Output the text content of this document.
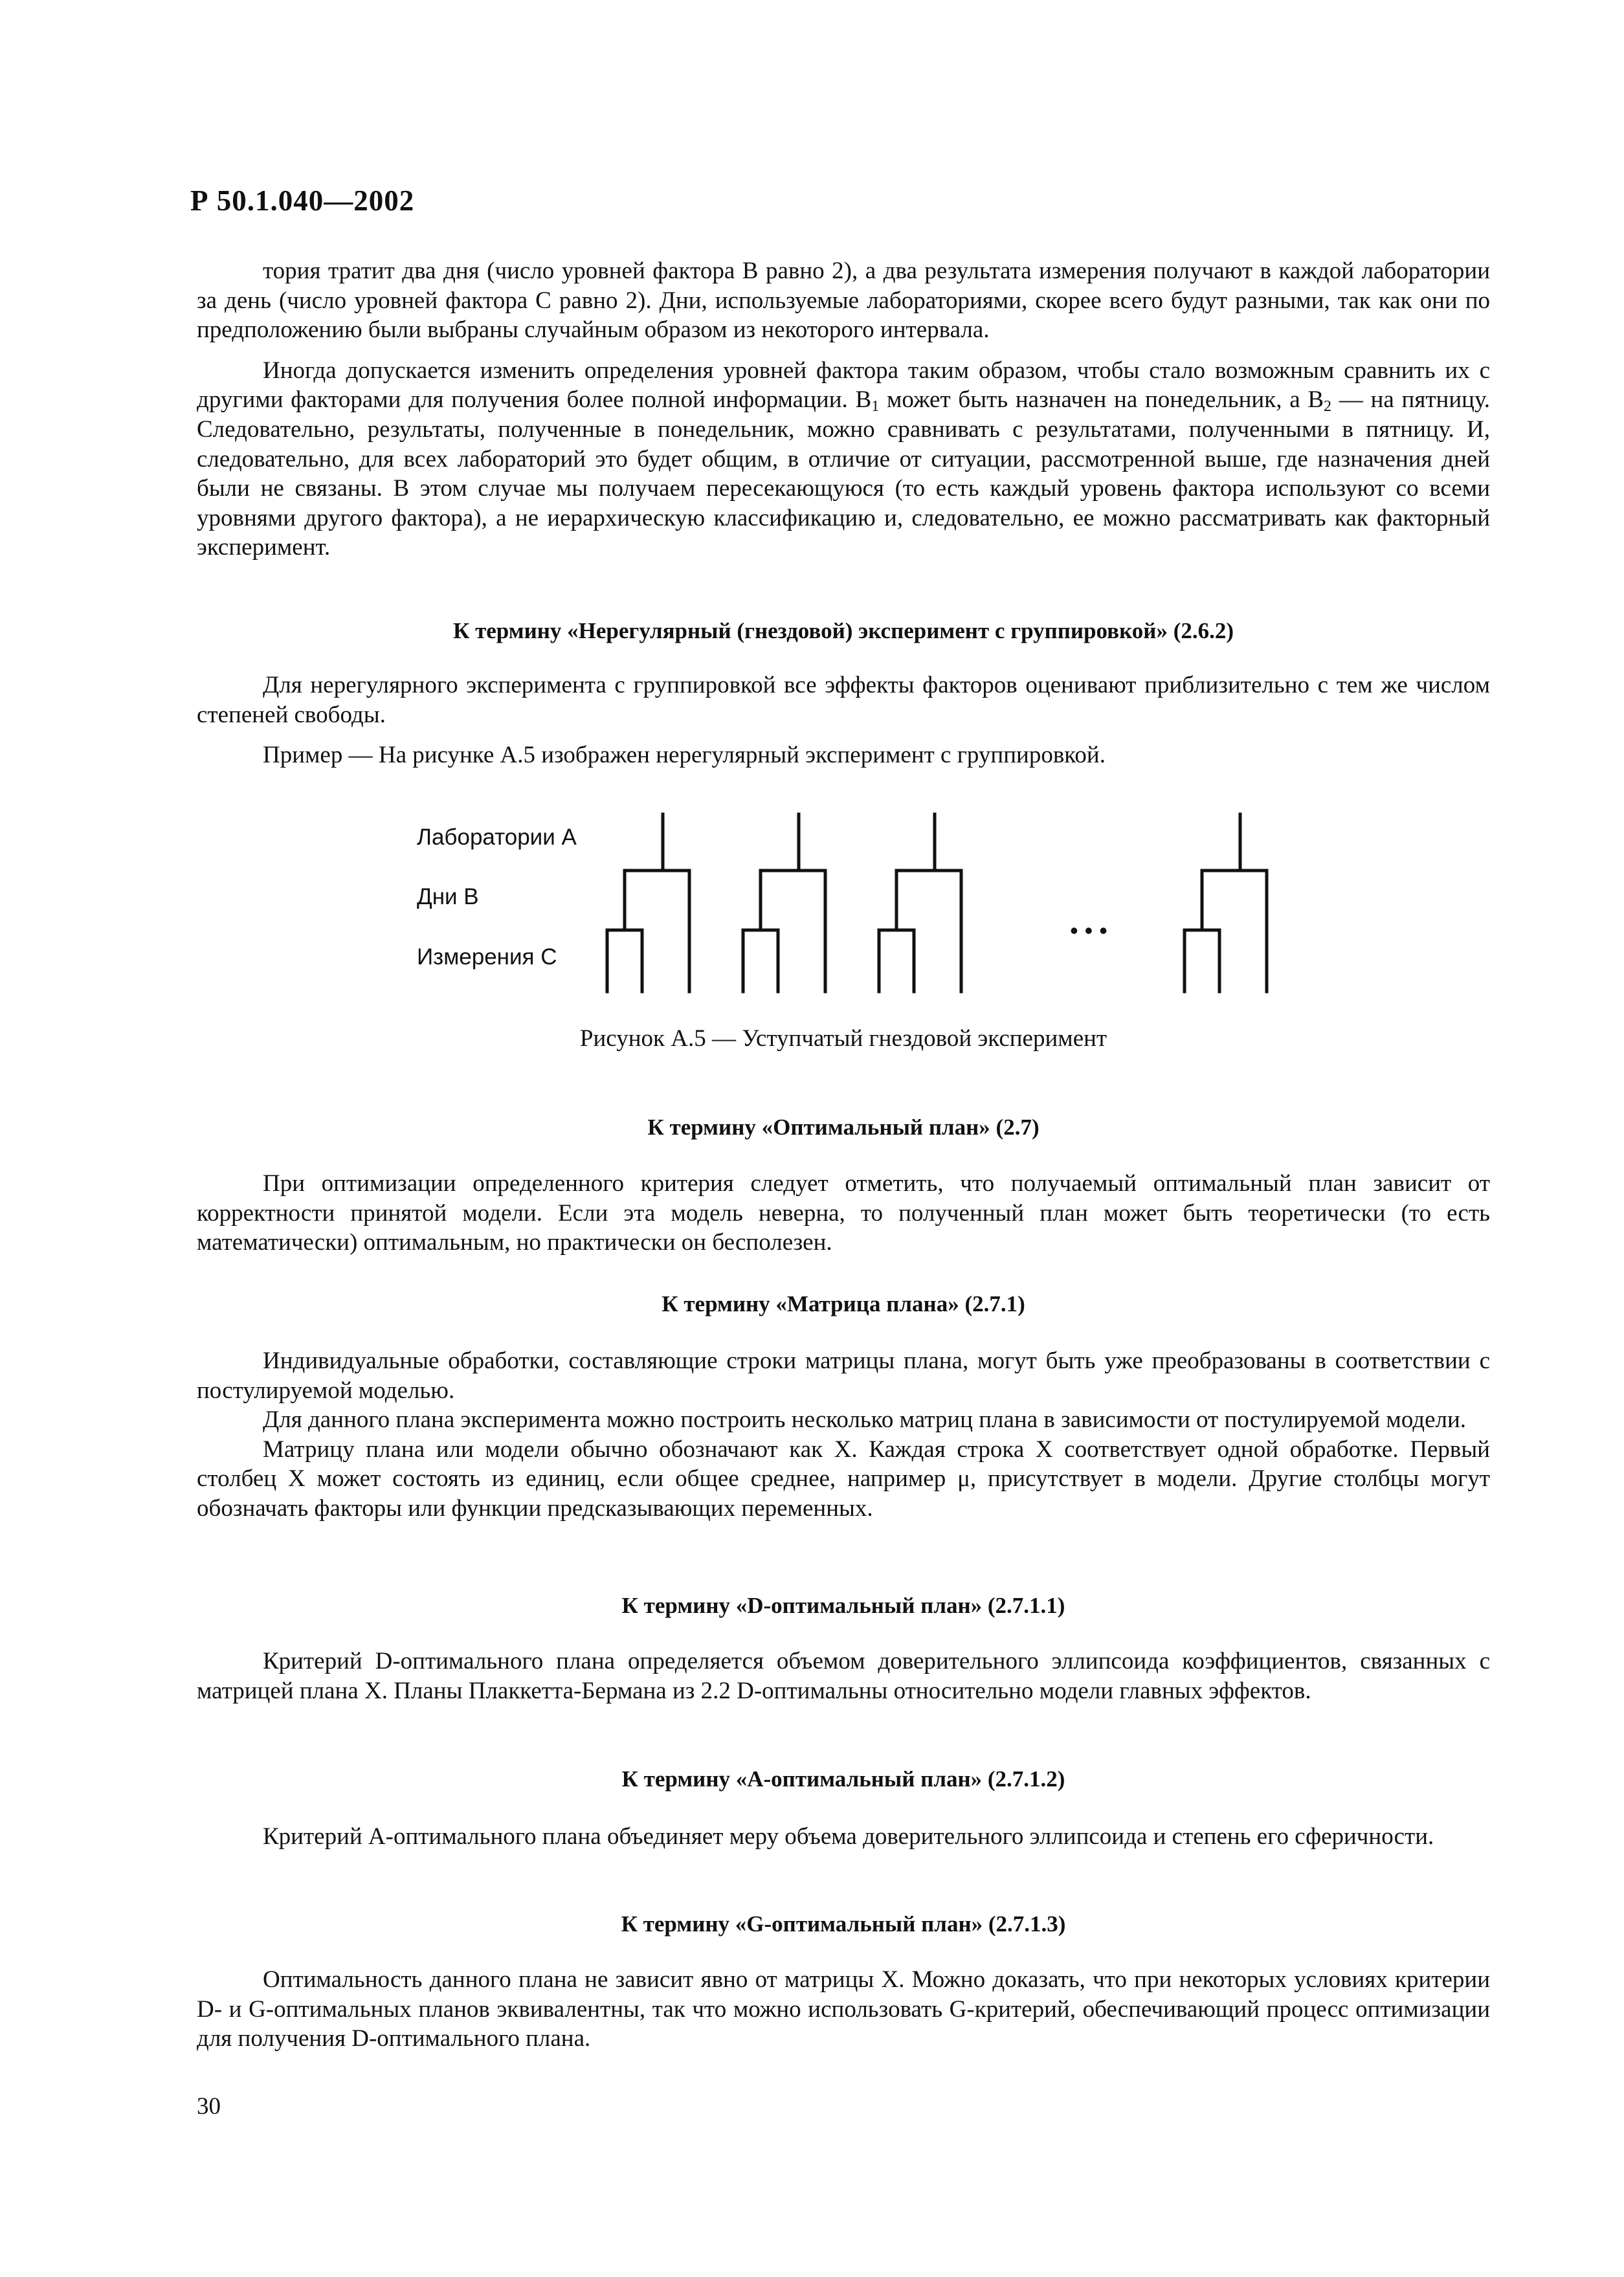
Р 50.1.040—2002

тория тратит два дня (число уровней фактора B равно 2), а два результата измерения получают в каждой лаборатории за день (число уровней фактора C равно 2). Дни, используемые лабораториями, скорее всего будут разными, так как они по предположению были выбраны случайным образом из некоторого интервала.

Иногда допускается изменить определения уровней фактора таким образом, чтобы стало возможным сравнить их с другими факторами для получения более полной информации. $B_1$ может быть назначен на понедельник, а $B_2$ — на пятницу. Следовательно, результаты, полученные в понедельник, можно сравнивать с результатами, полученными в пятницу. И, следовательно, для всех лабораторий это будет общим, в отличие от ситуации, рассмотренной выше, где назначения дней были не связаны. В этом случае мы получаем пересекающуюся (то есть каждый уровень фактора используют со всеми уровнями другого фактора), а не иерархическую классификацию и, следовательно, ее можно рассматривать как факторный эксперимент.

К термину «Нерегулярный (гнездовой) эксперимент с группировкой» (2.6.2)

Для нерегулярного эксперимента с группировкой все эффекты факторов оценивают приблизительно с тем же числом степеней свободы.

Пример — На рисунке А.5 изображен нерегулярный эксперимент с группировкой.

Лаборатории A
Дни B
Измерения C
• • •
Рисунок А.5 — Уступчатый гнездовой эксперимент
К термину «Оптимальный план» (2.7)

При оптимизации определенного критерия следует отметить, что получаемый оптимальный план зависит от корректности принятой модели. Если эта модель неверна, то полученный план может быть теоретически (то есть математически) оптимальным, но практически он бесполезен.

К термину «Матрица плана» (2.7.1)

Индивидуальные обработки, составляющие строки матрицы плана, могут быть уже преобразованы в соответствии с постулируемой моделью.

Для данного плана эксперимента можно построить несколько матриц плана в зависимости от постулируемой модели.

Матрицу плана или модели обычно обозначают как X. Каждая строка X соответствует одной обработке. Первый столбец X может состоять из единиц, если общее среднее, например μ, присутствует в модели. Другие столбцы могут обозначать факторы или функции предсказывающих переменных.

К термину «D-оптимальный план» (2.7.1.1)

Критерий D-оптимального плана определяется объемом доверительного эллипсоида коэффициентов, связанных с матрицей плана X. Планы Плаккетта-Бермана из 2.2 D-оптимальны относительно модели главных эффектов.

К термину «А-оптимальный план» (2.7.1.2)

Критерий A-оптимального плана объединяет меру объема доверительного эллипсоида и степень его сферичности.

К термину «G-оптимальный план» (2.7.1.3)

Оптимальность данного плана не зависит явно от матрицы X. Можно доказать, что при некоторых условиях критерии D- и G-оптимальных планов эквивалентны, так что можно использовать G-критерий, обеспечивающий процесс оптимизации для получения D-оптимального плана.

30
